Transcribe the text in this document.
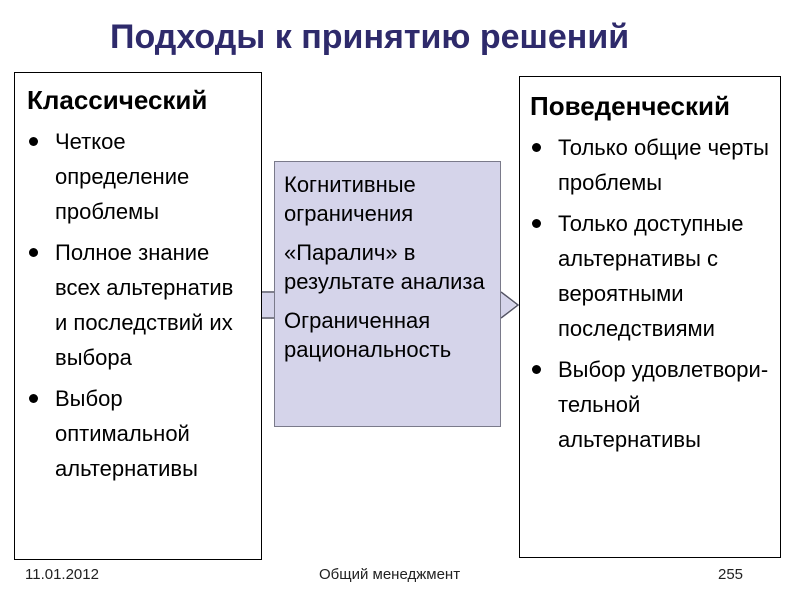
Подходы к принятию решений
Классический
Четкое определение проблемы
Полное знание всех альтернатив и последствий их выбора
Выбор оптимальной альтернативы

Когнитивные ограничения

«Паралич» в результате анализа

Ограниченная рациональность

Поведенческий
Только общие черты проблемы
Только доступные альтернативы с вероятными последствиями
Выбор удовлетвори-тельной альтернативы
11.01.2012	Общий менеджмент	255
